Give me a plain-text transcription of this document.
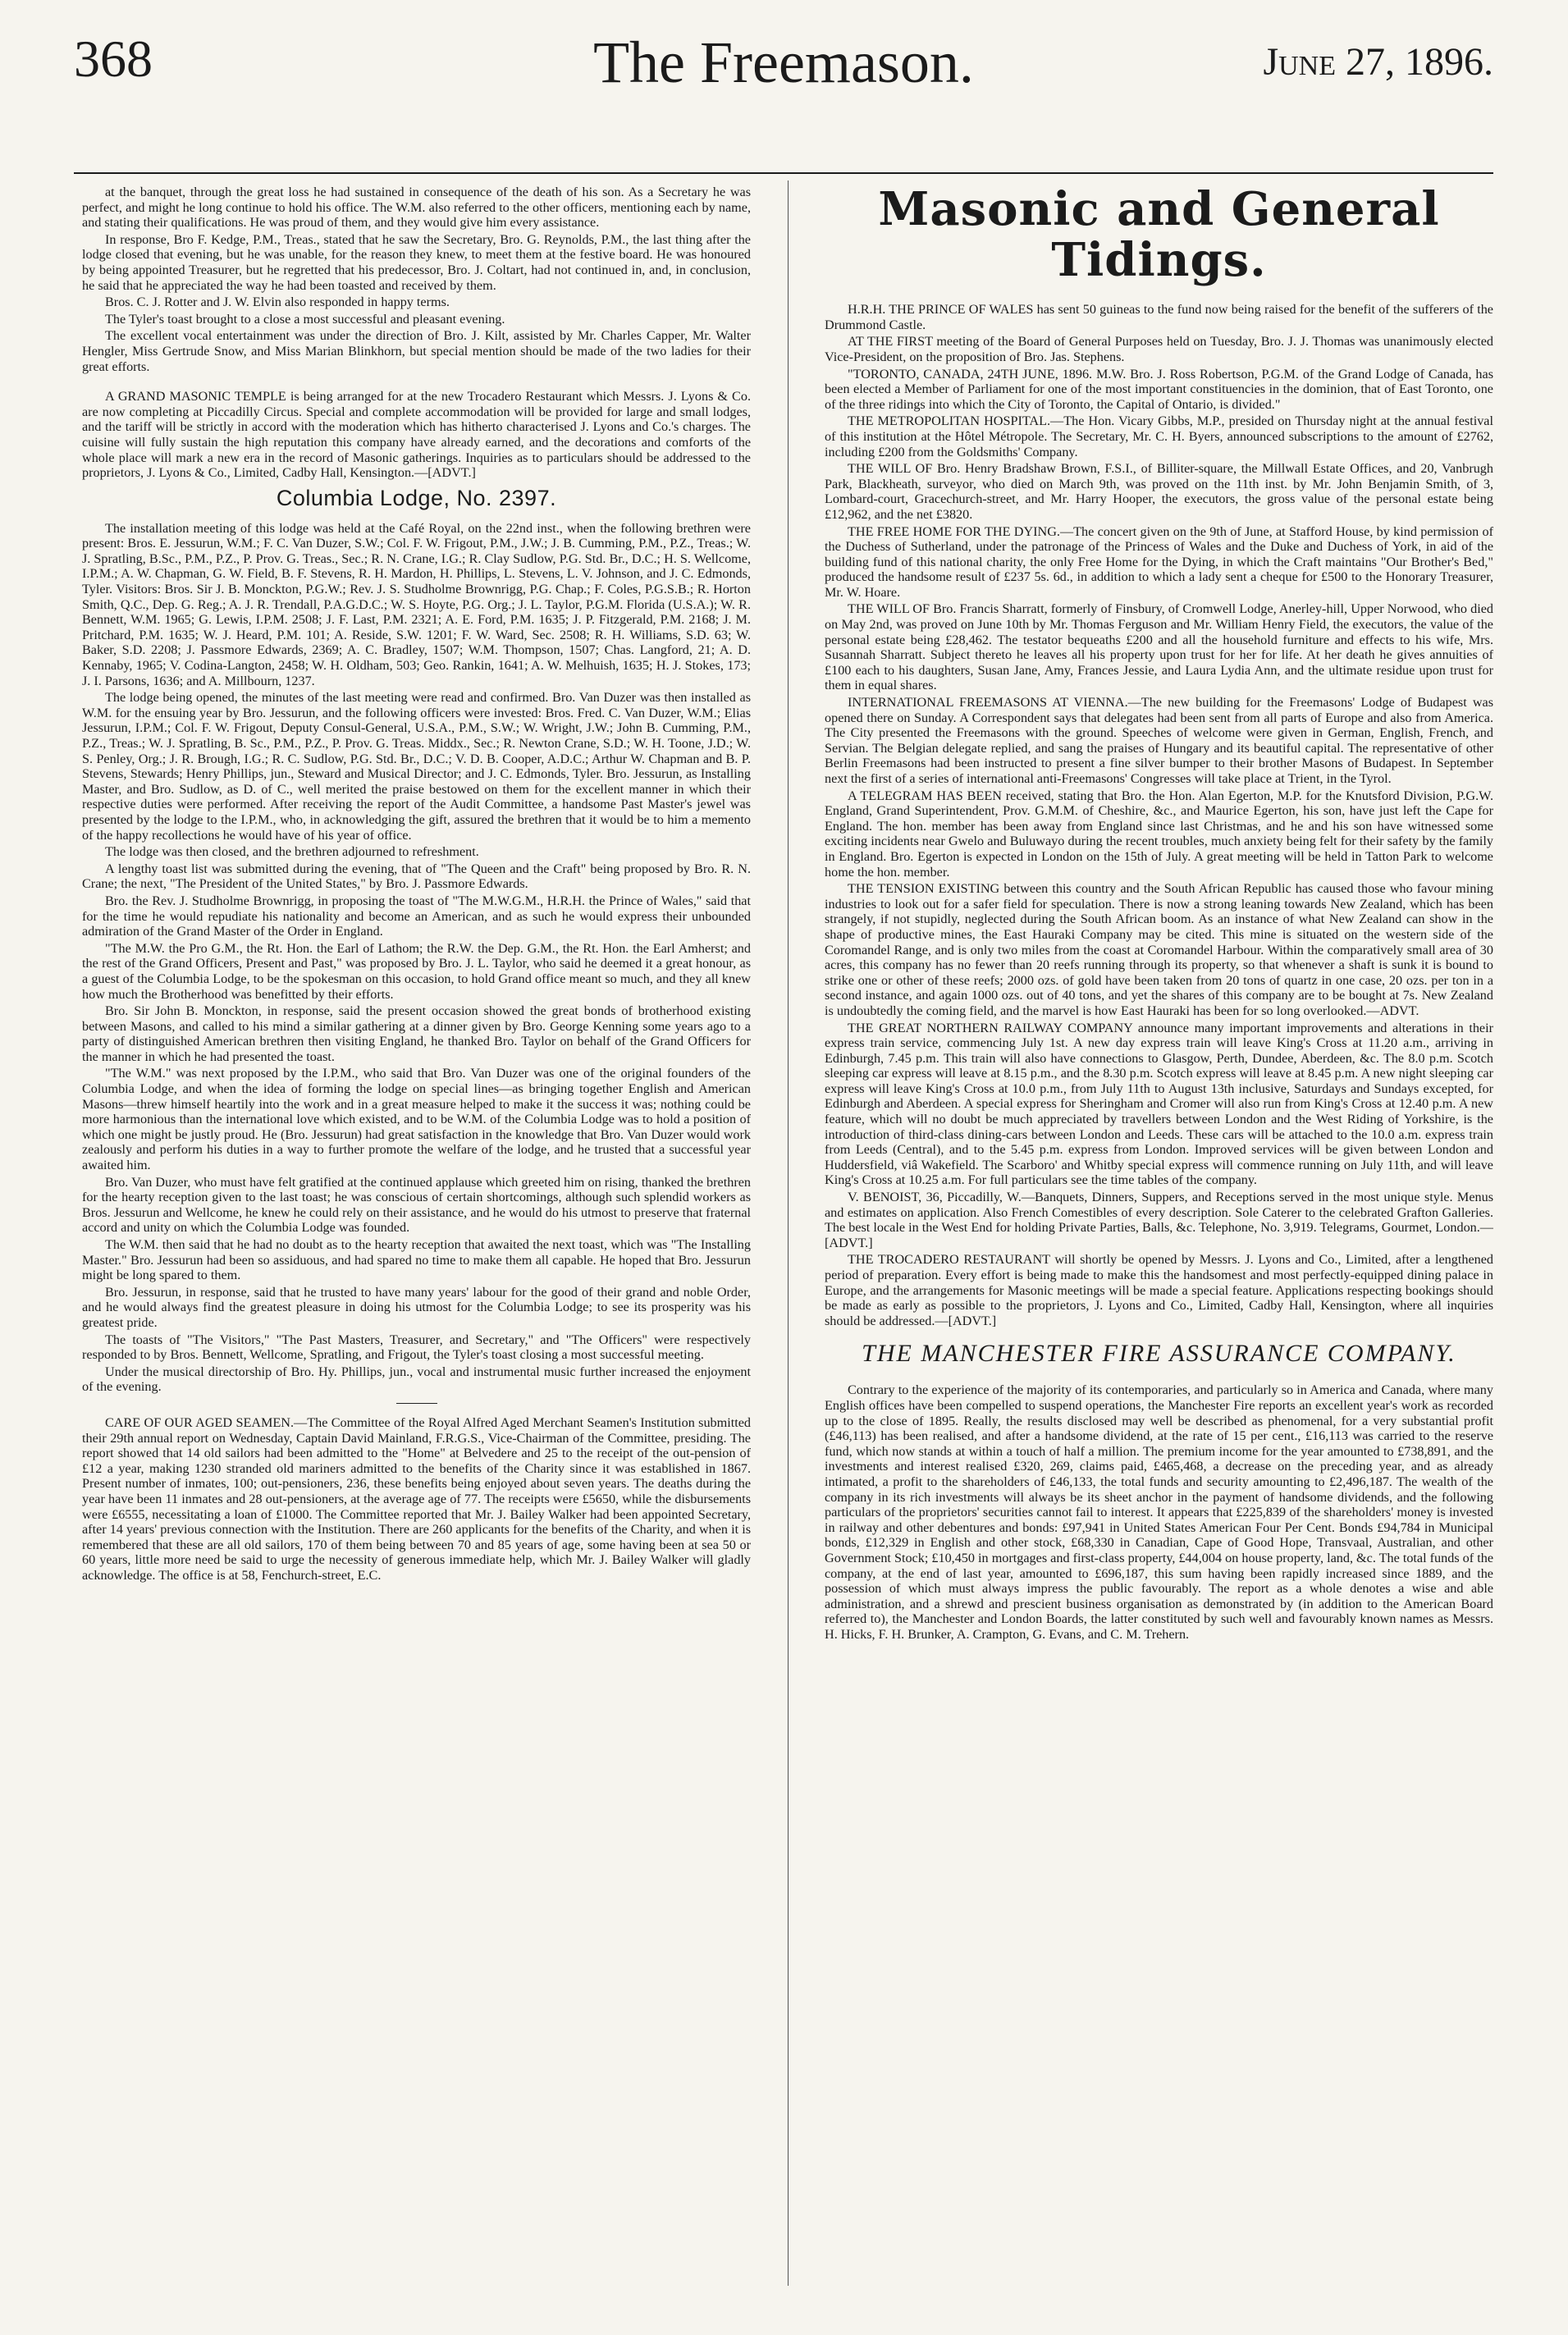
368	The Freemason.	June 27, 1896.

at the banquet, through the great loss he had sustained in consequence of the death of his son. As a Secretary he was perfect, and might he long continue to hold his office. The W.M. also referred to the other officers, mentioning each by name, and stating their qualifications. He was proud of them, and they would give him every assistance.

In response, Bro F. Kedge, P.M., Treas., stated that he saw the Secretary, Bro. G. Reynolds, P.M., the last thing after the lodge closed that evening, but he was unable, for the reason they knew, to meet them at the festive board. He was honoured by being appointed Treasurer, but he regretted that his predecessor, Bro. J. Coltart, had not continued in, and, in conclusion, he said that he appreciated the way he had been toasted and received by them.

Bros. C. J. Rotter and J. W. Elvin also responded in happy terms.

The Tyler's toast brought to a close a most successful and pleasant evening.

The excellent vocal entertainment was under the direction of Bro. J. Kilt, assisted by Mr. Charles Capper, Mr. Walter Hengler, Miss Gertrude Snow, and Miss Marian Blinkhorn, but special mention should be made of the two ladies for their great efforts.

A GRAND MASONIC TEMPLE is being arranged for at the new Trocadero Restaurant which Messrs. J. Lyons & Co. are now completing at Piccadilly Circus. Special and complete accommodation will be provided for large and small lodges, and the tariff will be strictly in accord with the moderation which has hitherto characterised J. Lyons and Co.'s charges. The cuisine will fully sustain the high reputation this company have already earned, and the decorations and comforts of the whole place will mark a new era in the record of Masonic gatherings. Inquiries as to particulars should be addressed to the proprietors, J. Lyons & Co., Limited, Cadby Hall, Kensington.—[ADVT.]

Columbia Lodge, No. 2397.

The installation meeting of this lodge was held at the Café Royal, on the 22nd inst., when the following brethren were present: Bros. E. Jessurun, W.M.; F. C. Van Duzer, S.W.; Col. F. W. Frigout, P.M., J.W.; J. B. Cumming, P.M., P.Z., Treas.; W. J. Spratling, B.Sc., P.M., P.Z., P. Prov. G. Treas., Sec.; R. N. Crane, I.G.; R. Clay Sudlow, P.G. Std. Br., D.C.; H. S. Wellcome, I.P.M.; A. W. Chapman, G. W. Field, B. F. Stevens, R. H. Mardon, H. Phillips, L. Stevens, L. V. Johnson, and J. C. Edmonds, Tyler. Visitors: Bros. Sir J. B. Monckton, P.G.W.; Rev. J. S. Studholme Brownrigg, P.G. Chap.; F. Coles, P.G.S.B.; R. Horton Smith, Q.C., Dep. G. Reg.; A. J. R. Trendall, P.A.G.D.C.; W. S. Hoyte, P.G. Org.; J. L. Taylor, P.G.M. Florida (U.S.A.); W. R. Bennett, W.M. 1965; G. Lewis, I.P.M. 2508; J. F. Last, P.M. 2321; A. E. Ford, P.M. 1635; J. P. Fitzgerald, P.M. 2168; J. M. Pritchard, P.M. 1635; W. J. Heard, P.M. 101; A. Reside, S.W. 1201; F. W. Ward, Sec. 2508; R. H. Williams, S.D. 63; W. Baker, S.D. 2208; J. Passmore Edwards, 2369; A. C. Bradley, 1507; W.M. Thompson, 1507; Chas. Langford, 21; A. D. Kennaby, 1965; V. Codina-Langton, 2458; W. H. Oldham, 503; Geo. Rankin, 1641; A. W. Melhuish, 1635; H. J. Stokes, 173; J. I. Parsons, 1636; and A. Millbourn, 1237.

The lodge being opened, the minutes of the last meeting were read and confirmed. Bro. Van Duzer was then installed as W.M. for the ensuing year by Bro. Jessurun, and the following officers were invested: Bros. Fred. C. Van Duzer, W.M.; Elias Jessurun, I.P.M.; Col. F. W. Frigout, Deputy Consul-General, U.S.A., P.M., S.W.; W. Wright, J.W.; John B. Cumming, P.M., P.Z., Treas.; W. J. Spratling, B. Sc., P.M., P.Z., P. Prov. G. Treas. Middx., Sec.; R. Newton Crane, S.D.; W. H. Toone, J.D.; W. S. Penley, Org.; J. R. Brough, I.G.; R. C. Sudlow, P.G. Std. Br., D.C.; V. D. B. Cooper, A.D.C.; Arthur W. Chapman and B. P. Stevens, Stewards; Henry Phillips, jun., Steward and Musical Director; and J. C. Edmonds, Tyler. Bro. Jessurun, as Installing Master, and Bro. Sudlow, as D. of C., well merited the praise bestowed on them for the excellent manner in which their respective duties were performed. After receiving the report of the Audit Committee, a handsome Past Master's jewel was presented by the lodge to the I.P.M., who, in acknowledging the gift, assured the brethren that it would be to him a memento of the happy recollections he would have of his year of office.

The lodge was then closed, and the brethren adjourned to refreshment.

A lengthy toast list was submitted during the evening, that of "The Queen and the Craft" being proposed by Bro. R. N. Crane; the next, "The President of the United States," by Bro. J. Passmore Edwards.

Bro. the Rev. J. Studholme Brownrigg, in proposing the toast of "The M.W.G.M., H.R.H. the Prince of Wales," said that for the time he would repudiate his nationality and become an American, and as such he would express their unbounded admiration of the Grand Master of the Order in England.

"The M.W. the Pro G.M., the Rt. Hon. the Earl of Lathom; the R.W. the Dep. G.M., the Rt. Hon. the Earl Amherst; and the rest of the Grand Officers, Present and Past," was proposed by Bro. J. L. Taylor, who said he deemed it a great honour, as a guest of the Columbia Lodge, to be the spokesman on this occasion, to hold Grand office meant so much, and they all knew how much the Brotherhood was benefitted by their efforts.

Bro. Sir John B. Monckton, in response, said the present occasion showed the great bonds of brotherhood existing between Masons, and called to his mind a similar gathering at a dinner given by Bro. George Kenning some years ago to a party of distinguished American brethren then visiting England, he thanked Bro. Taylor on behalf of the Grand Officers for the manner in which he had presented the toast.

"The W.M." was next proposed by the I.P.M., who said that Bro. Van Duzer was one of the original founders of the Columbia Lodge, and when the idea of forming the lodge on special lines—as bringing together English and American Masons—threw himself heartily into the work and in a great measure helped to make it the success it was; nothing could be more harmonious than the international love which existed, and to be W.M. of the Columbia Lodge was to hold a position of which one might be justly proud. He (Bro. Jessurun) had great satisfaction in the knowledge that Bro. Van Duzer would work zealously and perform his duties in a way to further promote the welfare of the lodge, and he trusted that a successful year awaited him.

Bro. Van Duzer, who must have felt gratified at the continued applause which greeted him on rising, thanked the brethren for the hearty reception given to the last toast; he was conscious of certain shortcomings, although such splendid workers as Bros. Jessurun and Wellcome, he knew he could rely on their assistance, and he would do his utmost to preserve that fraternal accord and unity on which the Columbia Lodge was founded.

The W.M. then said that he had no doubt as to the hearty reception that awaited the next toast, which was "The Installing Master." Bro. Jessurun had been so assiduous, and had spared no time to make them all capable. He hoped that Bro. Jessurun might be long spared to them.

Bro. Jessurun, in response, said that he trusted to have many years' labour for the good of their grand and noble Order, and he would always find the greatest pleasure in doing his utmost for the Columbia Lodge; to see its prosperity was his greatest pride.

The toasts of "The Visitors," "The Past Masters, Treasurer, and Secretary," and "The Officers" were respectively responded to by Bros. Bennett, Wellcome, Spratling, and Frigout, the Tyler's toast closing a most successful meeting.

Under the musical directorship of Bro. Hy. Phillips, jun., vocal and instrumental music further increased the enjoyment of the evening.

CARE OF OUR AGED SEAMEN.—The Committee of the Royal Alfred Aged Merchant Seamen's Institution submitted their 29th annual report on Wednesday, Captain David Mainland, F.R.G.S., Vice-Chairman of the Committee, presiding. The report showed that 14 old sailors had been admitted to the "Home" at Belvedere and 25 to the receipt of the out-pension of £12 a year, making 1230 stranded old mariners admitted to the benefits of the Charity since it was established in 1867. Present number of inmates, 100; out-pensioners, 236, these benefits being enjoyed about seven years. The deaths during the year have been 11 inmates and 28 out-pensioners, at the average age of 77. The receipts were £5650, while the disbursements were £6555, necessitating a loan of £1000. The Committee reported that Mr. J. Bailey Walker had been appointed Secretary, after 14 years' previous connection with the Institution. There are 260 applicants for the benefits of the Charity, and when it is remembered that these are all old sailors, 170 of them being between 70 and 85 years of age, some having been at sea 50 or 60 years, little more need be said to urge the necessity of generous immediate help, which Mr. J. Bailey Walker will gladly acknowledge. The office is at 58, Fenchurch-street, E.C.

Masonic and General Tidings.

H.R.H. THE PRINCE OF WALES has sent 50 guineas to the fund now being raised for the benefit of the sufferers of the Drummond Castle.

AT THE FIRST meeting of the Board of General Purposes held on Tuesday, Bro. J. J. Thomas was unanimously elected Vice-President, on the proposition of Bro. Jas. Stephens.

"TORONTO, CANADA, 24TH JUNE, 1896. M.W. Bro. J. Ross Robertson, P.G.M. of the Grand Lodge of Canada, has been elected a Member of Parliament for one of the most important constituencies in the dominion, that of East Toronto, one of the three ridings into which the City of Toronto, the Capital of Ontario, is divided."

THE METROPOLITAN HOSPITAL.—The Hon. Vicary Gibbs, M.P., presided on Thursday night at the annual festival of this institution at the Hôtel Métropole. The Secretary, Mr. C. H. Byers, announced subscriptions to the amount of £2762, including £200 from the Goldsmiths' Company.

THE WILL OF Bro. Henry Bradshaw Brown, F.S.I., of Billiter-square, the Millwall Estate Offices, and 20, Vanbrugh Park, Blackheath, surveyor, who died on March 9th, was proved on the 11th inst. by Mr. John Benjamin Smith, of 3, Lombard-court, Gracechurch-street, and Mr. Harry Hooper, the executors, the gross value of the personal estate being £12,962, and the net £3820.

THE FREE HOME FOR THE DYING.—The concert given on the 9th of June, at Stafford House, by kind permission of the Duchess of Sutherland, under the patronage of the Princess of Wales and the Duke and Duchess of York, in aid of the building fund of this national charity, the only Free Home for the Dying, in which the Craft maintains "Our Brother's Bed," produced the handsome result of £237 5s. 6d., in addition to which a lady sent a cheque for £500 to the Honorary Treasurer, Mr. W. Hoare.

THE WILL OF Bro. Francis Sharratt, formerly of Finsbury, of Cromwell Lodge, Anerley-hill, Upper Norwood, who died on May 2nd, was proved on June 10th by Mr. Thomas Ferguson and Mr. William Henry Field, the executors, the value of the personal estate being £28,462. The testator bequeaths £200 and all the household furniture and effects to his wife, Mrs. Susannah Sharratt. Subject thereto he leaves all his property upon trust for her for life. At her death he gives annuities of £100 each to his daughters, Susan Jane, Amy, Frances Jessie, and Laura Lydia Ann, and the ultimate residue upon trust for them in equal shares.

INTERNATIONAL FREEMASONS AT VIENNA.—The new building for the Freemasons' Lodge of Budapest was opened there on Sunday. A Correspondent says that delegates had been sent from all parts of Europe and also from America. The City presented the Freemasons with the ground. Speeches of welcome were given in German, English, French, and Servian. The Belgian delegate replied, and sang the praises of Hungary and its beautiful capital. The representative of other Berlin Freemasons had been instructed to present a fine silver bumper to their brother Masons of Budapest. In September next the first of a series of international anti-Freemasons' Congresses will take place at Trient, in the Tyrol.

A TELEGRAM HAS BEEN received, stating that Bro. the Hon. Alan Egerton, M.P. for the Knutsford Division, P.G.W. England, Grand Superintendent, Prov. G.M.M. of Cheshire, &c., and Maurice Egerton, his son, have just left the Cape for England. The hon. member has been away from England since last Christmas, and he and his son have witnessed some exciting incidents near Gwelo and Buluwayo during the recent troubles, much anxiety being felt for their safety by the family in England. Bro. Egerton is expected in London on the 15th of July. A great meeting will be held in Tatton Park to welcome home the hon. member.

THE TENSION EXISTING between this country and the South African Republic has caused those who favour mining industries to look out for a safer field for speculation. There is now a strong leaning towards New Zealand, which has been strangely, if not stupidly, neglected during the South African boom. As an instance of what New Zealand can show in the shape of productive mines, the East Hauraki Company may be cited. This mine is situated on the western side of the Coromandel Range, and is only two miles from the coast at Coromandel Harbour. Within the comparatively small area of 30 acres, this company has no fewer than 20 reefs running through its property, so that whenever a shaft is sunk it is bound to strike one or other of these reefs; 2000 ozs. of gold have been taken from 20 tons of quartz in one case, 20 ozs. per ton in a second instance, and again 1000 ozs. out of 40 tons, and yet the shares of this company are to be bought at 7s. New Zealand is undoubtedly the coming field, and the marvel is how East Hauraki has been for so long overlooked.—ADVT.

THE GREAT NORTHERN RAILWAY COMPANY announce many important improvements and alterations in their express train service, commencing July 1st. A new day express train will leave King's Cross at 11.20 a.m., arriving in Edinburgh, 7.45 p.m. This train will also have connections to Glasgow, Perth, Dundee, Aberdeen, &c. The 8.0 p.m. Scotch sleeping car express will leave at 8.15 p.m., and the 8.30 p.m. Scotch express will leave at 8.45 p.m. A new night sleeping car express will leave King's Cross at 10.0 p.m., from July 11th to August 13th inclusive, Saturdays and Sundays excepted, for Edinburgh and Aberdeen. A special express for Sheringham and Cromer will also run from King's Cross at 12.40 p.m. A new feature, which will no doubt be much appreciated by travellers between London and the West Riding of Yorkshire, is the introduction of third-class dining-cars between London and Leeds. These cars will be attached to the 10.0 a.m. express train from Leeds (Central), and to the 5.45 p.m. express from London. Improved services will be given between London and Huddersfield, viâ Wakefield. The Scarboro' and Whitby special express will commence running on July 11th, and will leave King's Cross at 10.25 a.m. For full particulars see the time tables of the company.

V. BENOIST, 36, Piccadilly, W.—Banquets, Dinners, Suppers, and Receptions served in the most unique style. Menus and estimates on application. Also French Comestibles of every description. Sole Caterer to the celebrated Grafton Galleries. The best locale in the West End for holding Private Parties, Balls, &c. Telephone, No. 3,919. Telegrams, Gourmet, London.—[ADVT.]

THE TROCADERO RESTAURANT will shortly be opened by Messrs. J. Lyons and Co., Limited, after a lengthened period of preparation. Every effort is being made to make this the handsomest and most perfectly-equipped dining palace in Europe, and the arrangements for Masonic meetings will be made a special feature. Applications respecting bookings should be made as early as possible to the proprietors, J. Lyons and Co., Limited, Cadby Hall, Kensington, where all inquiries should be addressed.—[ADVT.]

THE MANCHESTER FIRE ASSURANCE COMPANY.

Contrary to the experience of the majority of its contemporaries, and particularly so in America and Canada, where many English offices have been compelled to suspend operations, the Manchester Fire reports an excellent year's work as recorded up to the close of 1895. Really, the results disclosed may well be described as phenomenal, for a very substantial profit (£46,113) has been realised, and after a handsome dividend, at the rate of 15 per cent., £16,113 was carried to the reserve fund, which now stands at within a touch of half a million. The premium income for the year amounted to £738,891, and the investments and interest realised £320, 269, claims paid, £465,468, a decrease on the preceding year, and as already intimated, a profit to the shareholders of £46,133, the total funds and security amounting to £2,496,187. The wealth of the company in its rich investments will always be its sheet anchor in the payment of handsome dividends, and the following particulars of the proprietors' securities cannot fail to interest. It appears that £225,839 of the shareholders' money is invested in railway and other debentures and bonds: £97,941 in United States American Four Per Cent. Bonds £94,784 in Municipal bonds, £12,329 in English and other stock, £68,330 in Canadian, Cape of Good Hope, Transvaal, Australian, and other Government Stock; £10,450 in mortgages and first-class property, £44,004 on house property, land, &c. The total funds of the company, at the end of last year, amounted to £696,187, this sum having been rapidly increased since 1889, and the possession of which must always impress the public favourably. The report as a whole denotes a wise and able administration, and a shrewd and prescient business organisation as demonstrated by (in addition to the American Board referred to), the Manchester and London Boards, the latter constituted by such well and favourably known names as Messrs. H. Hicks, F. H. Brunker, A. Crampton, G. Evans, and C. M. Trehern.
